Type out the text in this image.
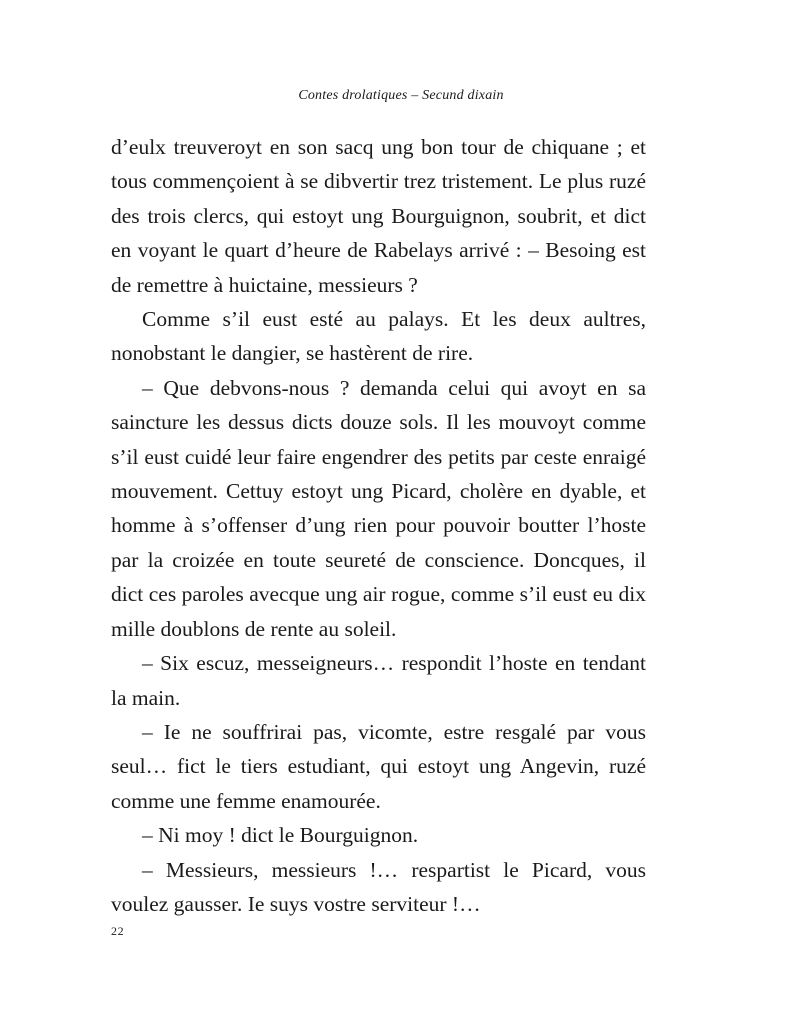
Contes drolatiques – Secund dixain

d’eulx treuveroyt en son sacq ung bon tour de chiquane ; et tous commençoient à se dibvertir trez tristement. Le plus ruzé des trois clercs, qui estoyt ung Bourguignon, soubrit, et dict en voyant le quart d’heure de Rabelays arrivé : – Besoing est de remettre à huictaine, messieurs ?

Comme s’il eust esté au palays. Et les deux aultres, nonobstant le dangier, se hastèrent de rire.

– Que debvons-nous ? demanda celui qui avoyt en sa saincture les dessus dicts douze sols. Il les mouvoyt comme s’il eust cuidé leur faire engendrer des petits par ceste enraigé mouvement. Cettuy estoyt ung Picard, cholère en dyable, et homme à s’offenser d’ung rien pour pouvoir boutter l’hoste par la croizée en toute seureté de conscience. Doncques, il dict ces paroles avecque ung air rogue, comme s’il eust eu dix mille doublons de rente au soleil.

– Six escuz, messeigneurs… respondit l’hoste en tendant la main.

– Ie ne souffrirai pas, vicomte, estre resgalé par vous seul… fict le tiers estudiant, qui estoyt ung Angevin, ruzé comme une femme enamourée.

– Ni moy ! dict le Bourguignon.

– Messieurs, messieurs !… respartist le Picard, vous voulez gausser. Ie suys vostre serviteur !…

22
